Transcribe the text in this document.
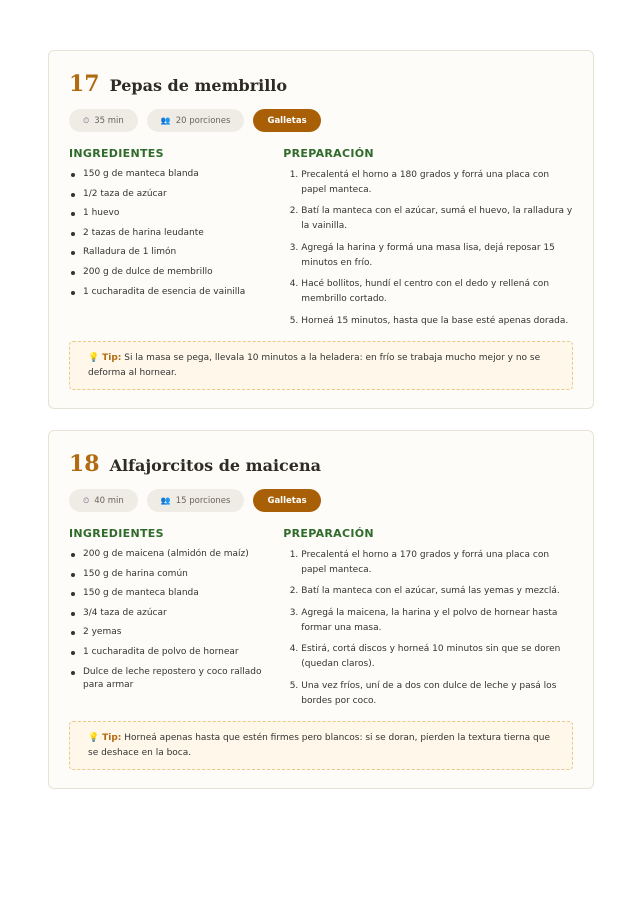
17 Pepas de membrillo
⏲ 35 min	👥 20 porciones	Galletas
INGREDIENTES
150 g de manteca blanda
1/2 taza de azúcar
1 huevo
2 tazas de harina leudante
Ralladura de 1 limón
200 g de dulce de membrillo
1 cucharadita de esencia de vainilla
PREPARACIÓN
1. Precalentá el horno a 180 grados y forrá una placa con papel manteca.
2. Batí la manteca con el azúcar, sumá el huevo, la ralladura y la vainilla.
3. Agregá la harina y formá una masa lisa, dejá reposar 15 minutos en frío.
4. Hacé bollitos, hundí el centro con el dedo y rellená con membrillo cortado.
5. Horneá 15 minutos, hasta que la base esté apenas dorada.
💡 Tip: Si la masa se pega, llevala 10 minutos a la heladera: en frío se trabaja mucho mejor y no se deforma al hornear.
18 Alfajorcitos de maicena
⏲ 40 min	👥 15 porciones	Galletas
INGREDIENTES
200 g de maicena (almidón de maíz)
150 g de harina común
150 g de manteca blanda
3/4 taza de azúcar
2 yemas
1 cucharadita de polvo de hornear
Dulce de leche repostero y coco rallado para armar
PREPARACIÓN
1. Precalentá el horno a 170 grados y forrá una placa con papel manteca.
2. Batí la manteca con el azúcar, sumá las yemas y mezclá.
3. Agregá la maicena, la harina y el polvo de hornear hasta formar una masa.
4. Estirá, cortá discos y horneá 10 minutos sin que se doren (quedan claros).
5. Una vez fríos, uní de a dos con dulce de leche y pasá los bordes por coco.
💡 Tip: Horneá apenas hasta que estén firmes pero blancos: si se doran, pierden la textura tierna que se deshace en la boca.
